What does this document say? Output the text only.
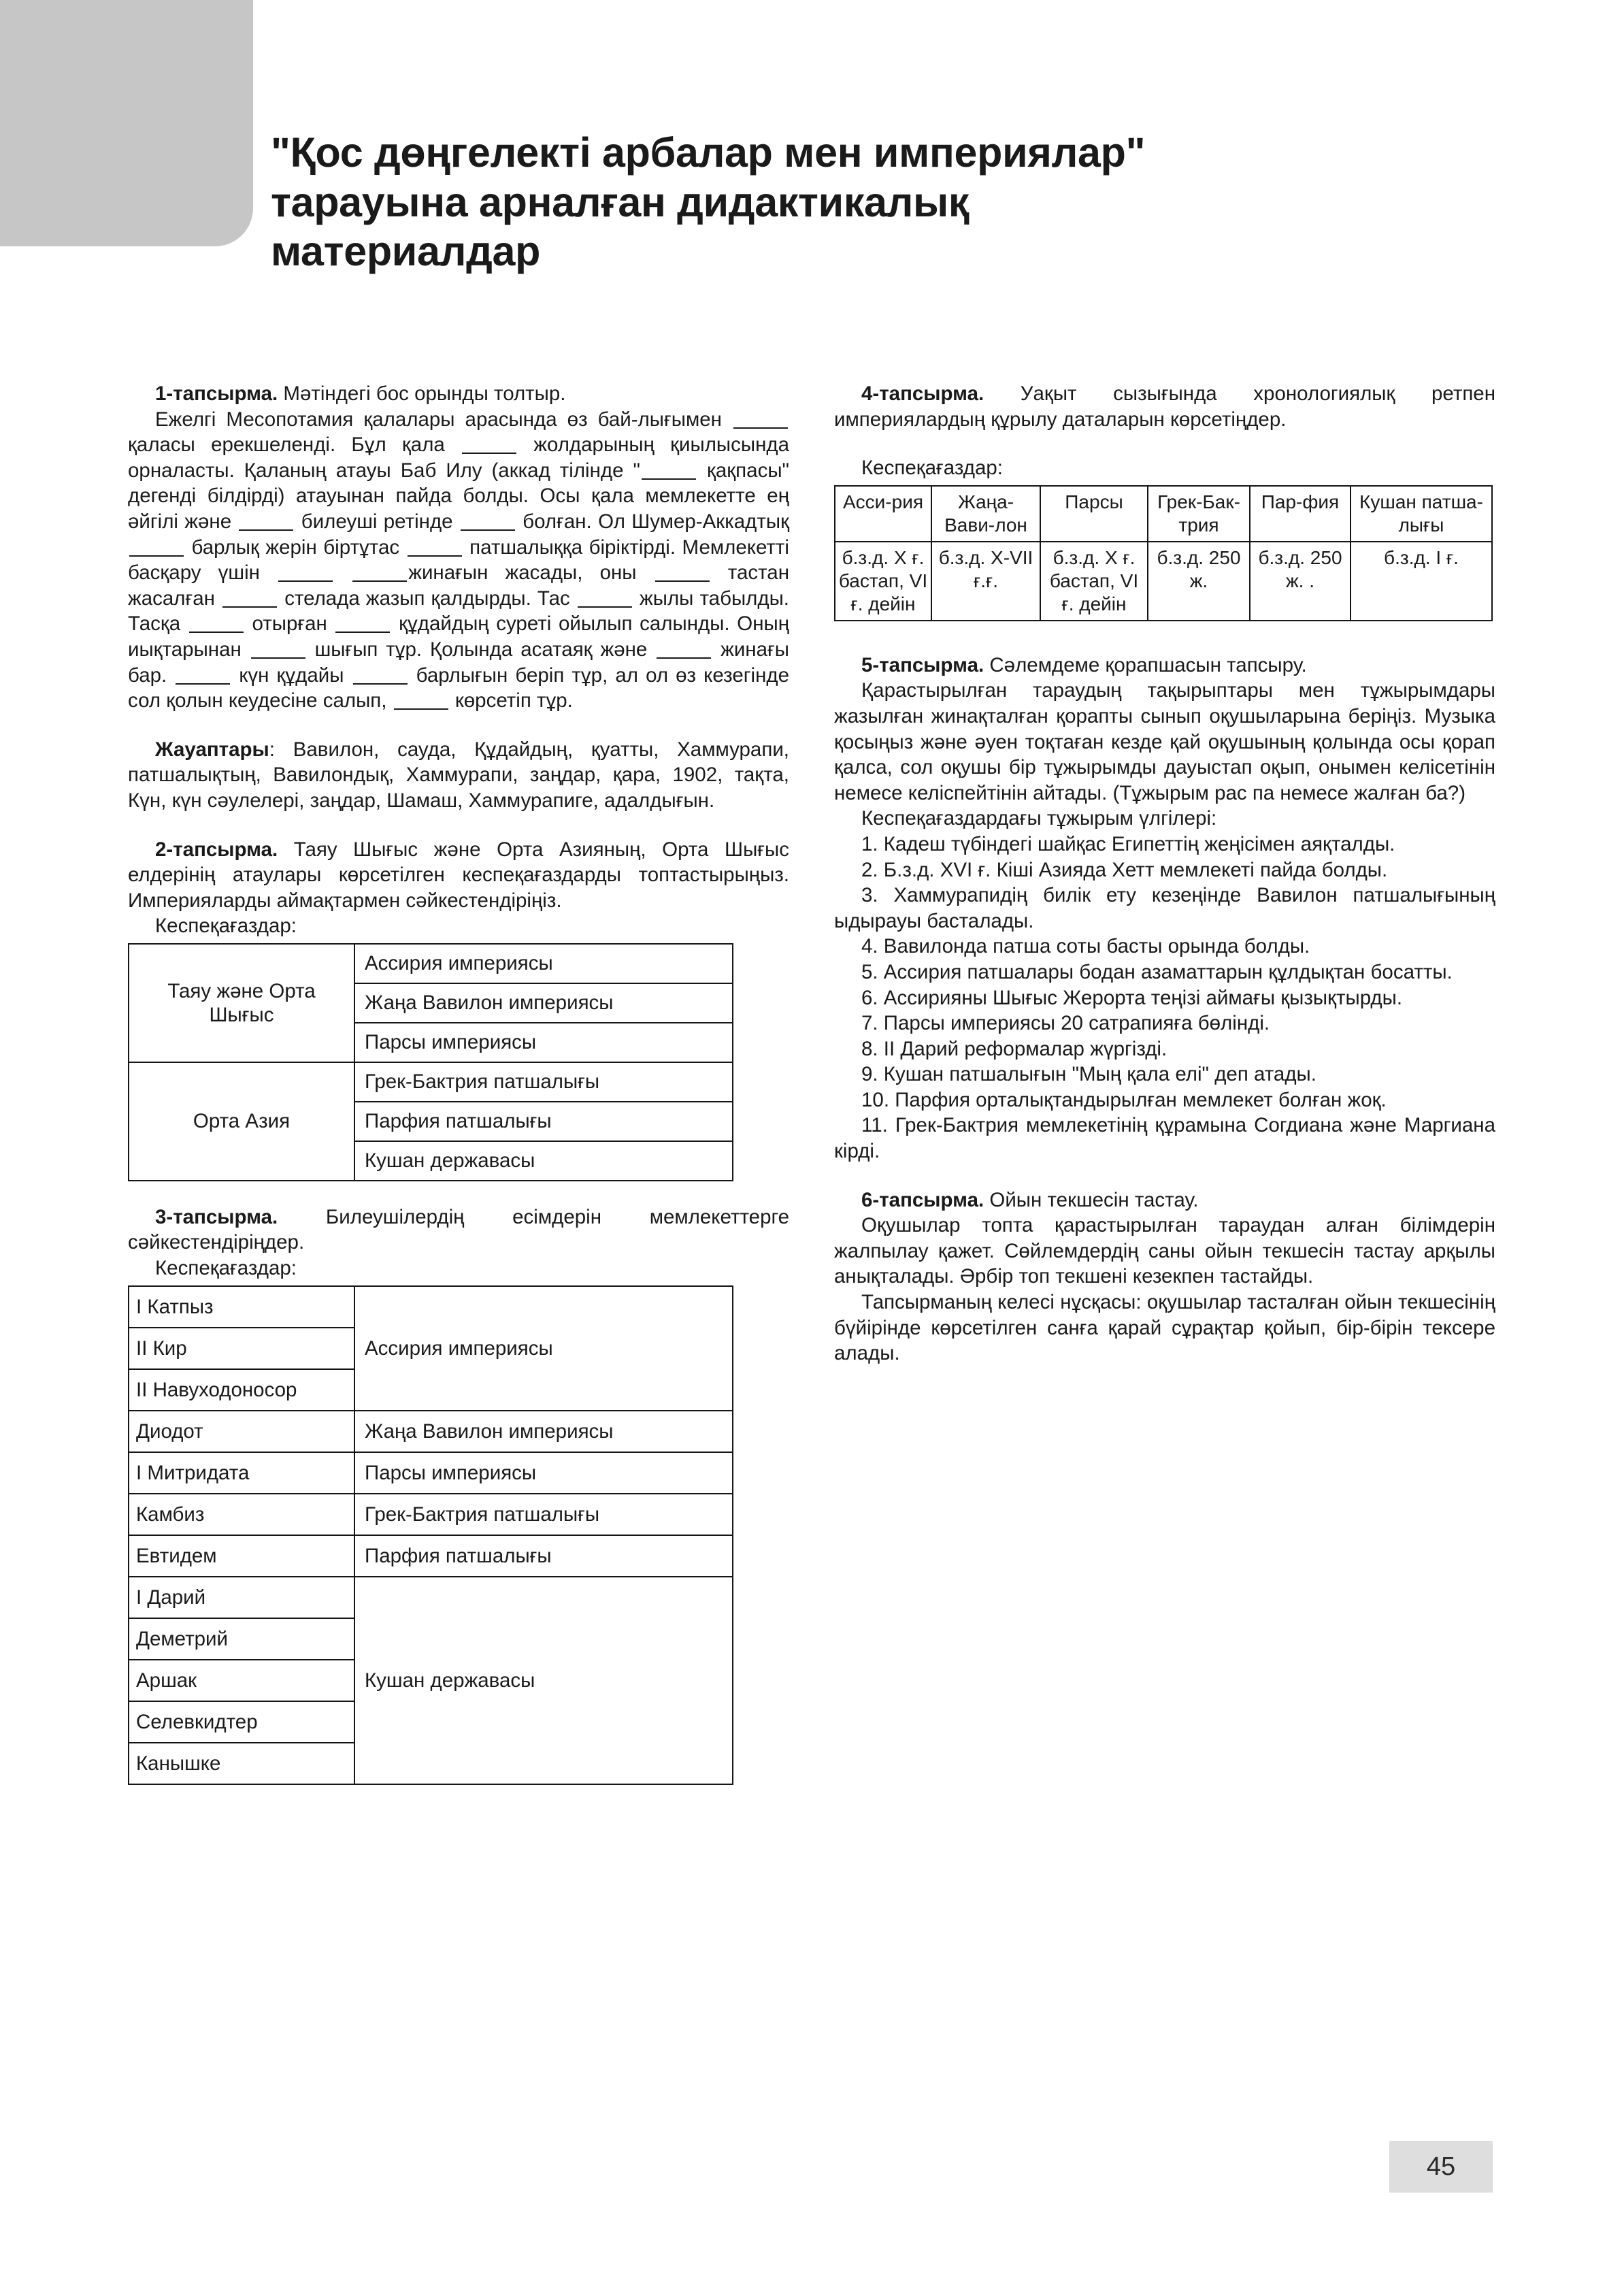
"Қос дөңгелекті арбалар мен империялар"
тарауына арналған дидактикалық
материалдар

1-тапсырма. Мәтіндегі бос орынды толтыр.

Ежелгі Месопотамия қалалары арасында өз бай-лығымен  қаласы ерекшеленді. Бұл қала	жолдарының қиылысында орналасты. Қаланың атауы Баб Илу (аккад тілінде "	қақпасы" дегенді білдірді) атауынан пайда болды. Осы қала мемлекетте ең әйгілі және	билеуші ретінде	болған. Ол Шумер-Аккадтық  барлық жерін біртұтас	патшалыққа біріктірді. Мемлекетті басқару үшін	жинағын жасады, оны	тастан жасалған	стелада жазып қалдырды. Тас	жылы табылды. Тасқа	отырған	құдайдың суреті ойылып салынды. Оның иықтарынан	шығып тұр. Қолында асатаяқ және	жинағы бар.	күн құдайы	барлығын беріп тұр, ал ол өз кезегінде сол қолын кеудесіне салып,	көрсетіп тұр.

Жауаптары: Вавилон, сауда, Құдайдың, қуатты, Хаммурапи, патшалықтың, Вавилондық, Хаммурапи, заңдар, қара, 1902, тақта, Күн, күн сәулелері, заңдар, Шамаш, Хаммурапиге, адалдығын.

2-тапсырма. Таяу Шығыс және Орта Азияның, Орта Шығыс елдерінің атаулары көрсетілген кеспеқағаздарды топтастырыңыз. Империяларды аймақтармен сәйкестендіріңіз.

Кеспеқағаздар:

Таяу және Орта Шығыс	Ассирия империясы
	Жаңа Вавилон империясы
	Парсы империясы
Орта Азия	Грек-Бактрия патшалығы
	Парфия патшалығы
	Кушан державасы

3-тапсырма. Билеушілердің есімдерін мемлекеттерге сәйкестендіріңдер.

Кеспеқағаздар:

I Катпыз	Ассирия империясы
II Кир	
II Навуходоносор	
Диодот	Жаңа Вавилон империясы
I Митридата	Парсы империясы
Камбиз	Грек-Бактрия патшалығы
Евтидем	Парфия патшалығы
I Дарий	Кушан державасы
Деметрий	
Аршак	
Селевкидтер	
Канышке	

4-тапсырма. Уақыт сызығында хронологиялық ретпен империялардың құрылу даталарын көрсетіңдер.

Кеспеқағаздар:

Асси-рия	Жаңа-Вави-лон	Парсы	Грек-Бак-трия	Пар-фия	Кушан патша-лығы
б.з.д. X ғ. бастап, VI ғ. дейін	б.з.д. X-VII ғ.ғ.	б.з.д. X ғ. бастап, VI ғ. дейін	б.з.д. 250 ж.	б.з.д. 250 ж. .	б.з.д. I ғ.

5-тапсырма. Сәлемдеме қорапшасын тапсыру.

Қарастырылған тараудың тақырыптары мен тұжырымдары жазылған жинақталған қорапты сынып оқушыларына беріңіз. Музыка қосыңыз және әуен тоқтаған кезде қай оқушының қолында осы қорап қалса, сол оқушы бір тұжырымды дауыстап оқып, онымен келісетінін немесе келіспейтінін айтады. (Тұжырым рас па немесе жалған ба?)

Кеспеқағаздардағы тұжырым үлгілері:

1. Кадеш түбіндегі шайқас Египеттің жеңісімен аяқталды.

2. Б.з.д. XVI ғ. Кіші Азияда Хетт мемлекеті пайда болды.

3. Хаммурапидің билік ету кезеңінде Вавилон патшалығының ыдырауы басталады.

4. Вавилонда патша соты басты орында болды.

5. Ассирия патшалары бодан азаматтарын құлдықтан босатты.

6. Ассирияны Шығыс Жерорта теңізі аймағы қызықтырды.

7. Парсы империясы 20 сатрапияға бөлінді.

8. II Дарий реформалар жүргізді.

9. Кушан патшалығын "Мың қала елі" деп атады.

10. Парфия орталықтандырылған мемлекет болған жоқ.

11. Грек-Бактрия мемлекетінің құрамына Согдиана және Маргиана кірді.

6-тапсырма. Ойын текшесін тастау.

Оқушылар топта қарастырылған тараудан алған білімдерін жалпылау қажет. Сөйлемдердің саны ойын текшесін тастау арқылы анықталады. Әрбір топ текшені кезекпен тастайды.

Тапсырманың келесі нұсқасы: оқушылар тасталған ойын текшесінің бүйірінде көрсетілген санға қарай сұрақтар қойып, бір-бірін тексере алады.

45
